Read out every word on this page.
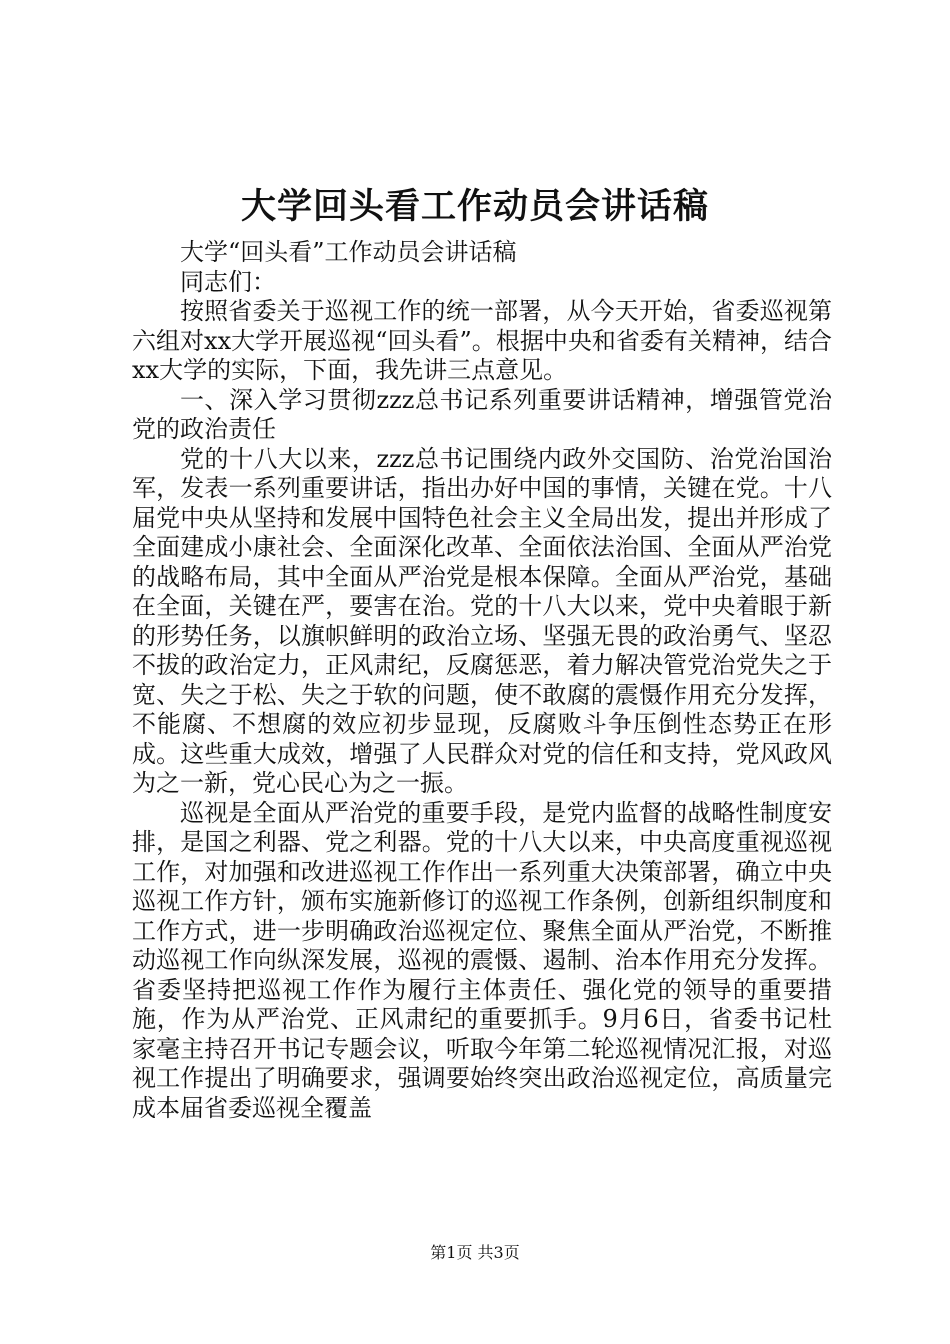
大学回头看工作动员会讲话稿

大学“回头看”工作动员会讲话稿

同志们：

按照省委关于巡视工作的统一部署，从今天开始，省委巡视第六组对xx大学开展巡视“回头看”。根据中央和省委有关精神，结合xx大学的实际，下面，我先讲三点意见。

一、深入学习贯彻zzz总书记系列重要讲话精神，增强管党治党的政治责任

党的十八大以来，zzz总书记围绕内政外交国防、治党治国治军，发表一系列重要讲话，指出办好中国的事情，关键在党。十八届党中央从坚持和发展中国特色社会主义全局出发，提出并形成了全面建成小康社会、全面深化改革、全面依法治国、全面从严治党的战略布局，其中全面从严治党是根本保障。全面从严治党，基础在全面，关键在严，要害在治。党的十八大以来，党中央着眼于新的形势任务，以旗帜鲜明的政治立场、坚强无畏的政治勇气、坚忍不拔的政治定力，正风肃纪，反腐惩恶，着力解决管党治党失之于宽、失之于松、失之于软的问题，使不敢腐的震慑作用充分发挥，不能腐、不想腐的效应初步显现，反腐败斗争压倒性态势正在形成。这些重大成效，增强了人民群众对党的信任和支持，党风政风为之一新，党心民心为之一振。

巡视是全面从严治党的重要手段，是党内监督的战略性制度安排，是国之利器、党之利器。党的十八大以来，中央高度重视巡视工作，对加强和改进巡视工作作出一系列重大决策部署，确立中央巡视工作方针，颁布实施新修订的巡视工作条例，创新组织制度和工作方式，进一步明确政治巡视定位、聚焦全面从严治党，不断推动巡视工作向纵深发展，巡视的震慑、遏制、治本作用充分发挥。省委坚持把巡视工作作为履行主体责任、强化党的领导的重要措施，作为从严治党、正风肃纪的重要抓手。9月6日，省委书记杜家毫主持召开书记专题会议，听取今年第二轮巡视情况汇报，对巡视工作提出了明确要求，强调要始终突出政治巡视定位，高质量完成本届省委巡视全覆盖

第1页 共3页
